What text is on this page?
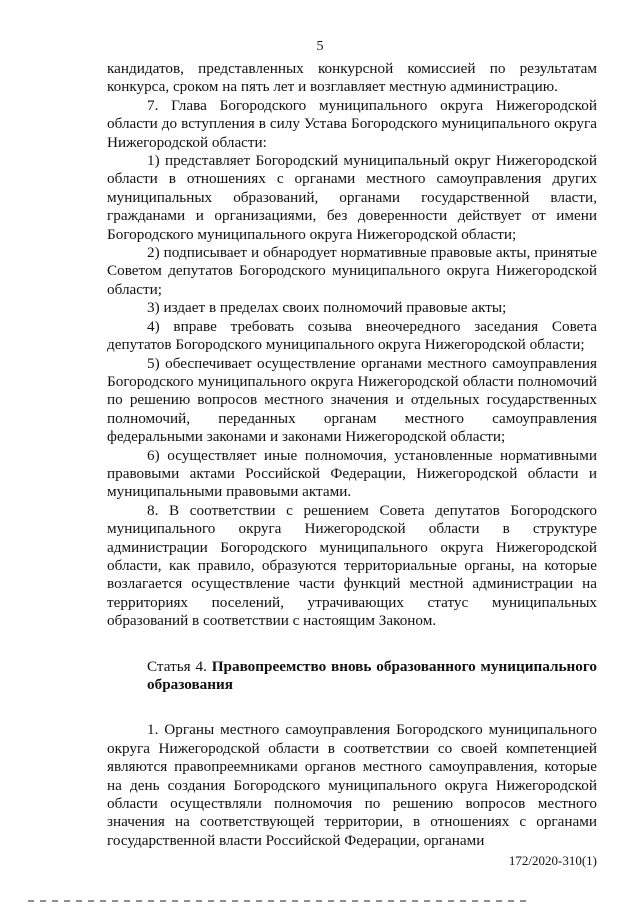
5

кандидатов, представленных конкурсной комиссией по результатам конкурса, сроком на пять лет и возглавляет местную администрацию.

7. Глава Богородского муниципального округа Нижегородской области до вступления в силу Устава Богородского муниципального округа Нижегородской области:

1) представляет Богородский муниципальный округ Нижегородской области в отношениях с органами местного самоуправления других муниципальных образований, органами государственной власти, гражданами и организациями, без доверенности действует от имени Богородского муниципального округа Нижегородской области;

2) подписывает и обнародует нормативные правовые акты, принятые Советом депутатов Богородского муниципального округа Нижегородской области;

3) издает в пределах своих полномочий правовые акты;

4) вправе требовать созыва внеочередного заседания Совета депутатов Богородского муниципального округа Нижегородской области;

5) обеспечивает осуществление органами местного самоуправления Богородского муниципального округа Нижегородской области полномочий по решению вопросов местного значения и отдельных государственных полномочий, переданных органам местного самоуправления федеральными законами и законами Нижегородской области;

6) осуществляет иные полномочия, установленные нормативными правовыми актами Российской Федерации, Нижегородской области и муниципальными правовыми актами.

8. В соответствии с решением Совета депутатов Богородского муниципального округа Нижегородской области в структуре администрации Богородского муниципального округа Нижегородской области, как правило, образуются территориальные органы, на которые возлагается осуществление части функций местной администрации на территориях поселений, утрачивающих статус муниципальных образований в соответствии с настоящим Законом.

Статья 4. Правопреемство вновь образованного муниципального образования

1. Органы местного самоуправления Богородского муниципального округа Нижегородской области в соответствии со своей компетенцией являются правопреемниками органов местного самоуправления, которые на день создания Богородского муниципального округа Нижегородской области осуществляли полномочия по решению вопросов местного значения на соответствующей территории, в отношениях с органами государственной власти Российской Федерации, органами

172/2020-310(1)
